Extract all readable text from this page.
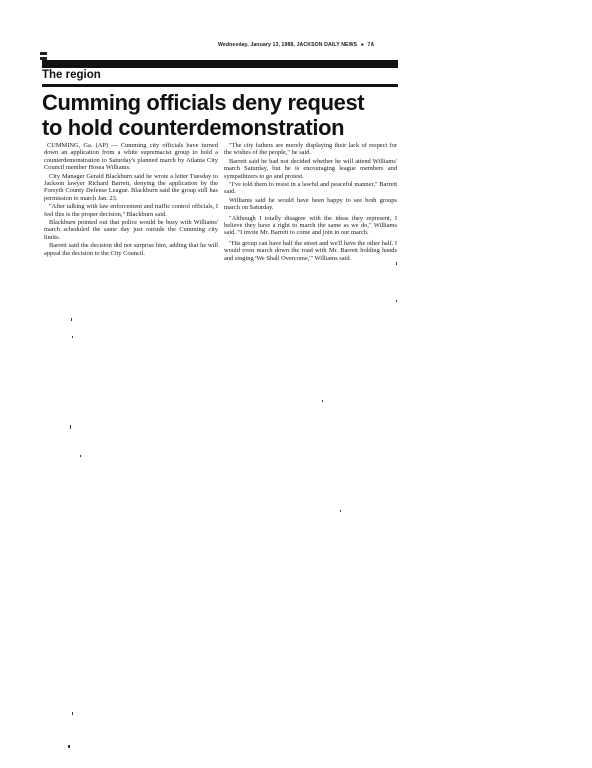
Wednesday, January 13, 1988, JACKSON DAILY NEWS ● 7A
The region
Cumming officials deny request
to hold counterdemonstration

CUMMING, Ga. (AP) — Cumming city officials have turned down an application from a white supremacist group to hold a counterdemonstration to Saturday's planned march by Atlanta City Council member Hosea Williams.

City Manager Gerald Blackburn said he wrote a letter Tuesday to Jackson lawyer Richard Barrett, denying the application by the Forsyth County Defense League. Blackburn said the group still has permission to march Jan. 23.

"After talking with law enforcement and traffic control officials, I feel this is the proper decision," Blackburn said.

Blackburn pointed out that police would be busy with Williams' march scheduled the same day just outside the Cumming city limits.

Barrett said the decision did not surprise him, adding that he will appeal the decision to the City Council.

"The city fathers are merely displaying their lack of respect for the wishes of the people," he said.

Barrett said he had not decided whether he will attend Williams' march Saturday, but he is encouraging league members and sympathizers to go and protest.

"I've told them to resist in a lawful and peaceful manner," Barrett said.

Williams said he would have been happy to see both groups march on Saturday.

"Although I totally disagree with the ideas they represent, I believe they have a right to march the same as we do," Williams said. "I invite Mr. Barrett to come and join in our march.

"His group can have half the street and we'll have the other half. I would even march down the road with Mr. Barrett holding hands and singing 'We Shall Overcome,'" Williams said.
